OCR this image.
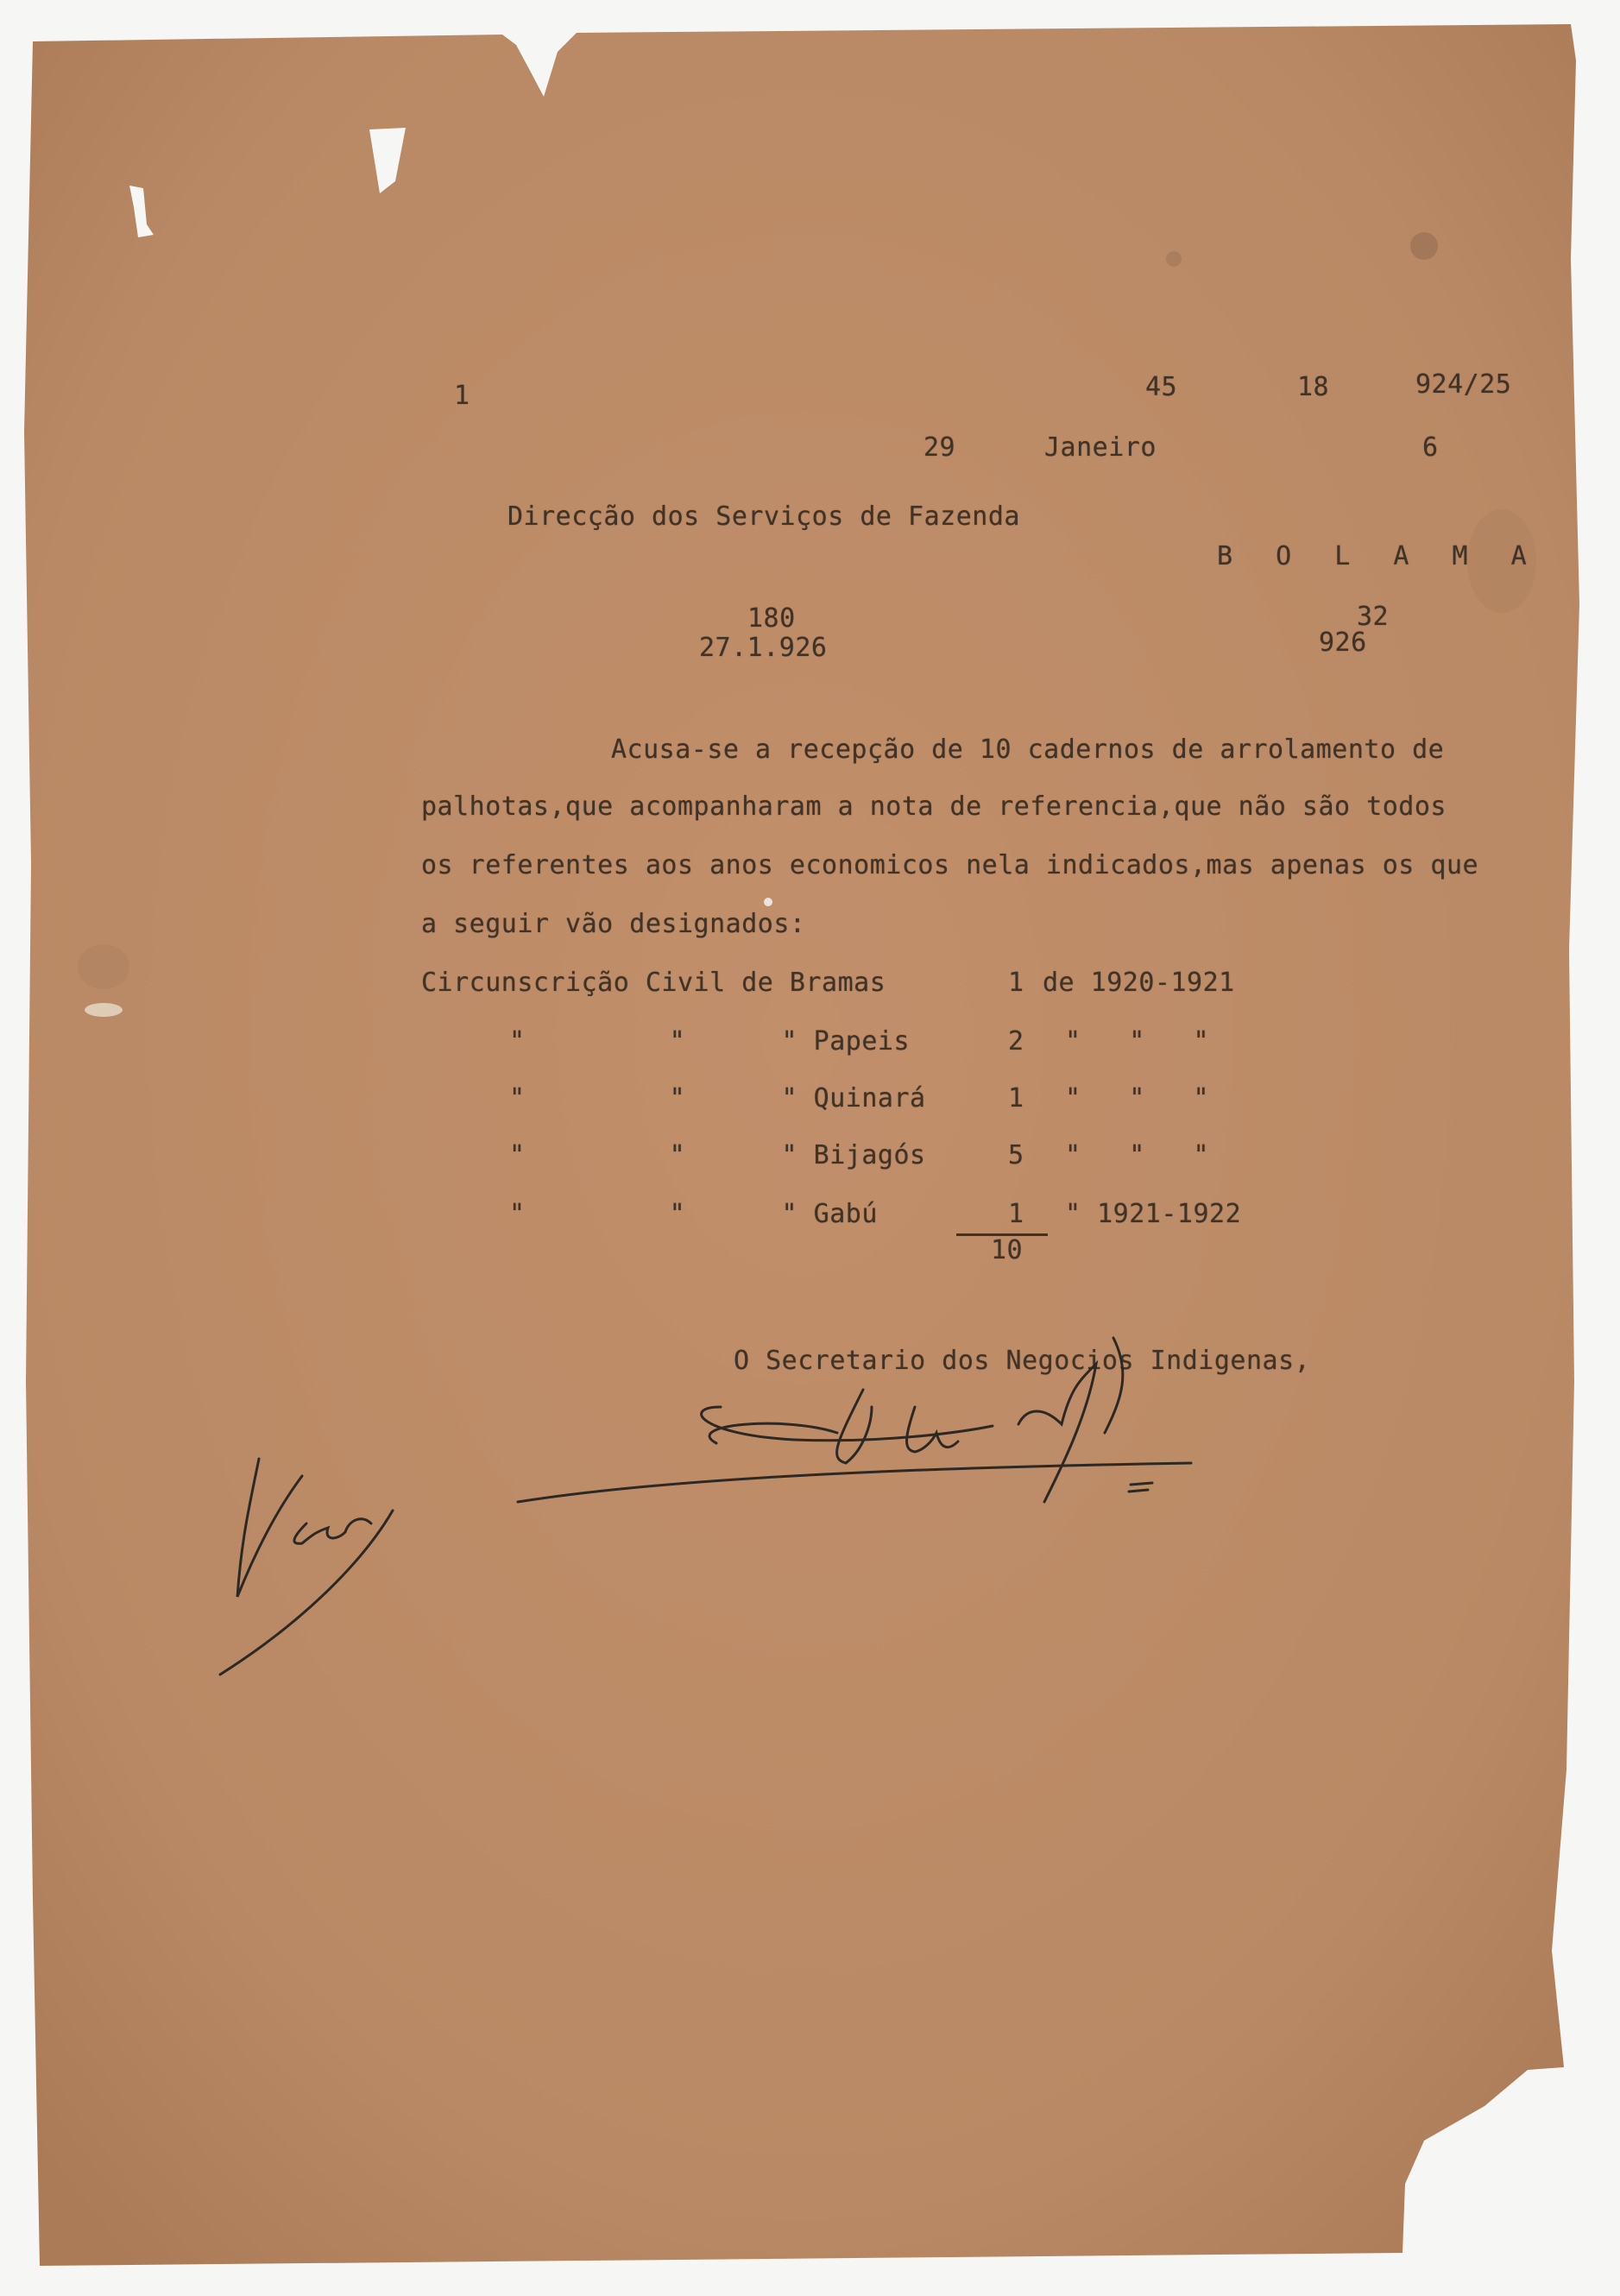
1	45	18	924/25
29	Janeiro	6
Direcção dos Serviços de Fazenda
B O L A M A
180
27.1.926
32
926
Acusa-se a recepção de 10 cadernos de arrolamento de
palhotas,que acompanharam a nota de referencia,que não são todos
os referentes aos anos economicos nela indicados,mas apenas os que
a seguir vão designados:
Circunscrição Civil de Bramas	1 de 1920-1921
"         "      " Papeis	2 "   "   "
"         "      " Quinará	1 "   "   "
"         "      " Bijagós	5 "   "   "
"         "      " Gabú	1 " 1921-1922
10
O Secretario dos Negocios Indigenas,
